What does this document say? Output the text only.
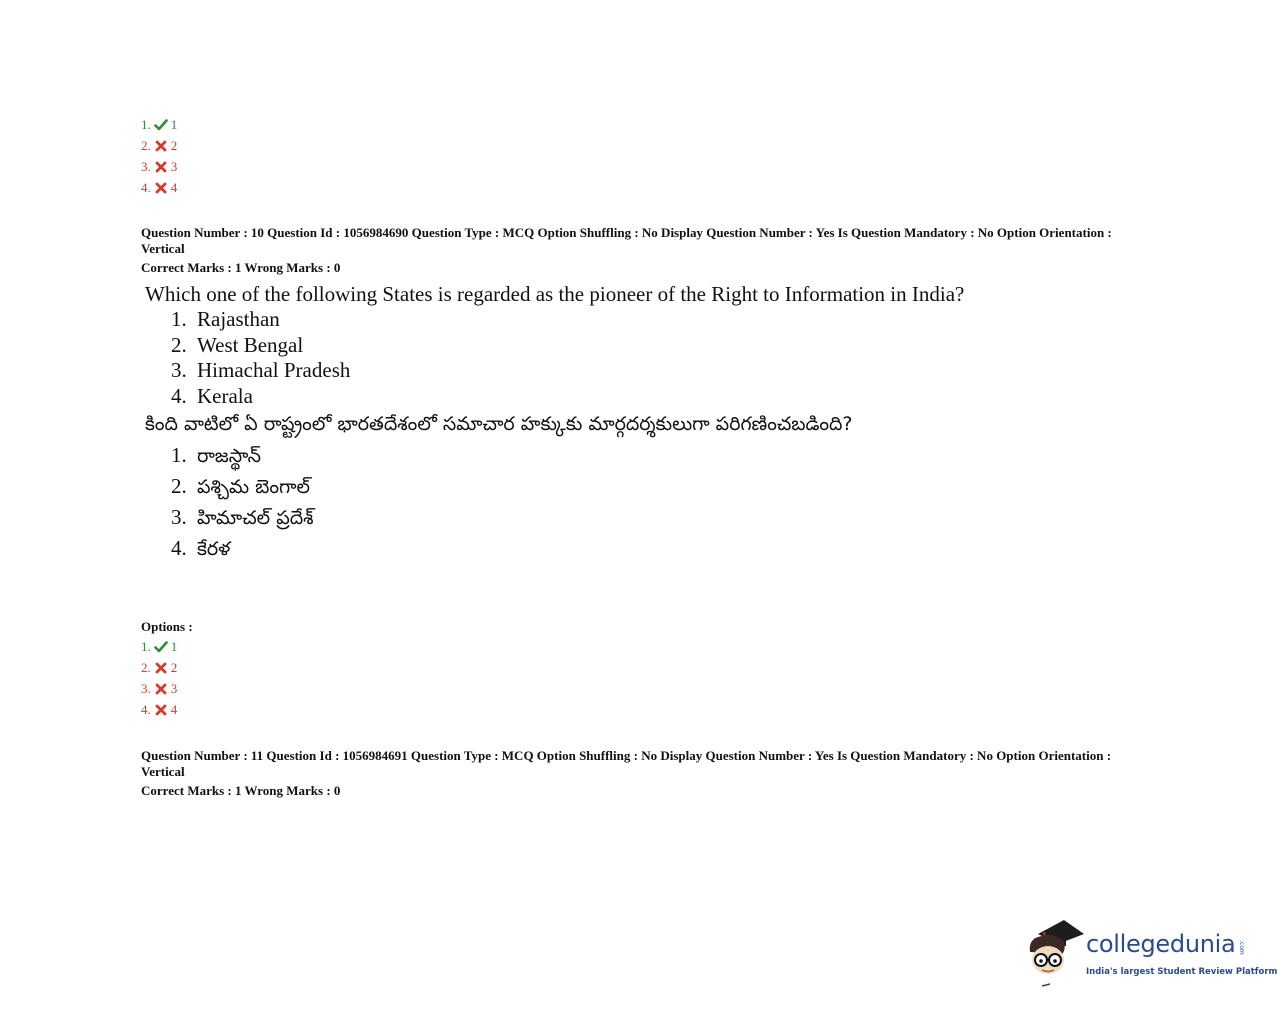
1. 1
2. 2
3. 3
4. 4
Question Number : 10 Question Id : 1056984690 Question Type : MCQ Option Shuffling : No Display Question Number : Yes Is Question Mandatory : No Option Orientation : Vertical
Correct Marks : 1 Wrong Marks : 0
Which one of the following States is regarded as the pioneer of the Right to Information in India?
1. Rajasthan
2. West Bengal
3. Himachal Pradesh
4. Kerala
కింది వాటిలో ఏ రాష్ట్రంలో భారతదేశంలో సమాచార హక్కుకు మార్గదర్శకులుగా పరిగణించబడింది?
1. రాజస్థాన్
2. పశ్చిమ బెంగాల్
3. హిమాచల్ ప్రదేశ్
4. కేరళ
Options :
1. 1
2. 2
3. 3
4. 4
Question Number : 11 Question Id : 1056984691 Question Type : MCQ Option Shuffling : No Display Question Number : Yes Is Question Mandatory : No Option Orientation : Vertical
Correct Marks : 1 Wrong Marks : 0
collegedunia .com
India's largest Student Review Platform
